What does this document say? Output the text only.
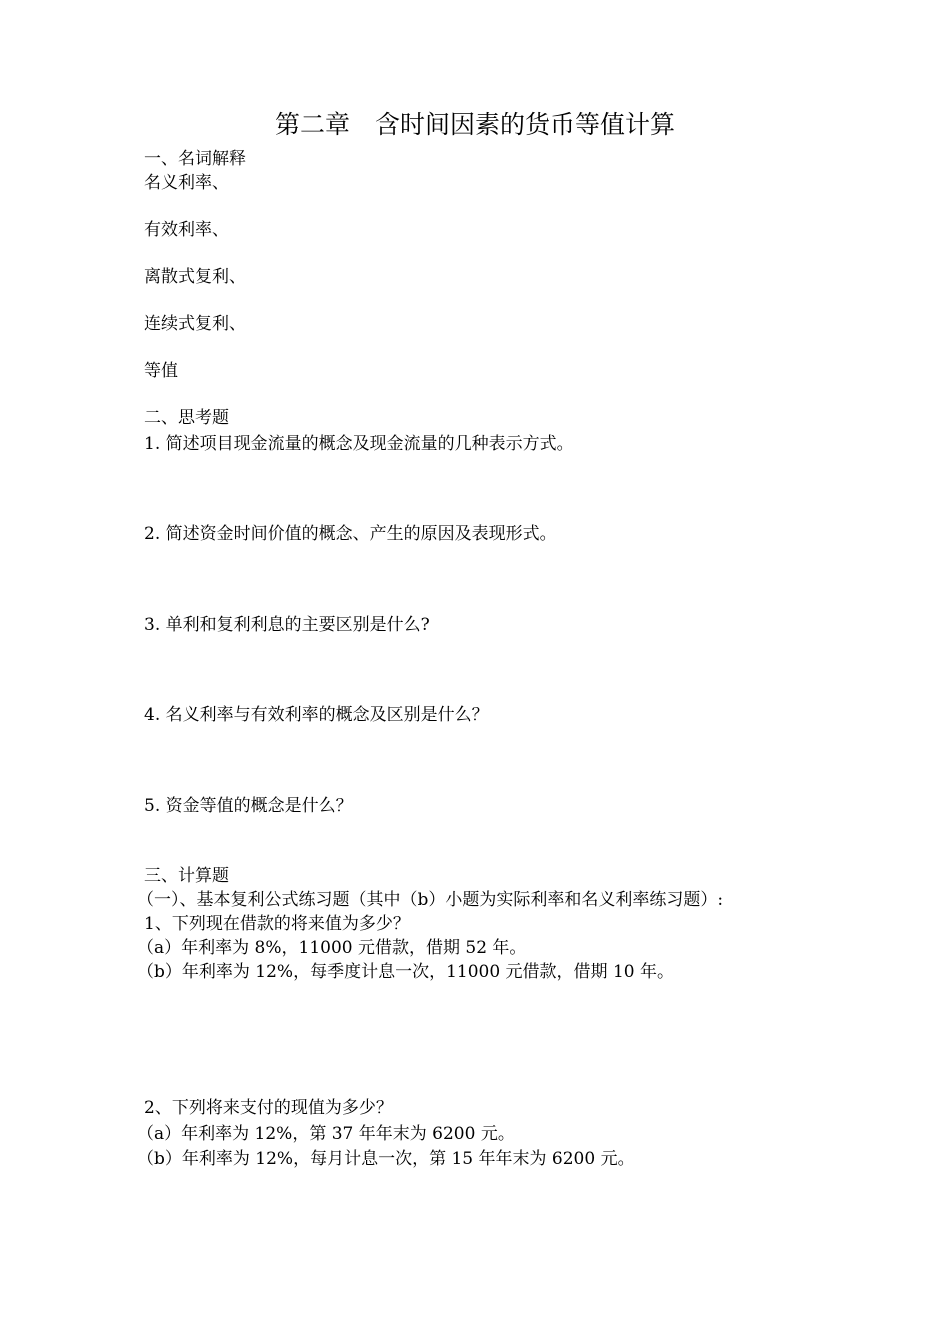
第二章　含时间因素的货币等值计算
一、名词解释
名义利率、
有效利率、
离散式复利、
连续式复利、
等值
二、思考题
1. 简述项目现金流量的概念及现金流量的几种表示方式。
2. 简述资金时间价值的概念、产生的原因及表现形式。
3. 单利和复利利息的主要区别是什么?
4. 名义利率与有效利率的概念及区别是什么？
5. 资金等值的概念是什么？
三、计算题
（一）、基本复利公式练习题（其中（b）小题为实际利率和名义利率练习题）:
1、下列现在借款的将来值为多少？
（a）年利率为 8%，11000 元借款，借期 52 年。
（b）年利率为 12%，每季度计息一次，11000 元借款，借期 10 年。
2、下列将来支付的现值为多少？
（a）年利率为 12%，第 37 年年末为 6200 元。
（b）年利率为 12%，每月计息一次，第 15 年年末为 6200 元。
